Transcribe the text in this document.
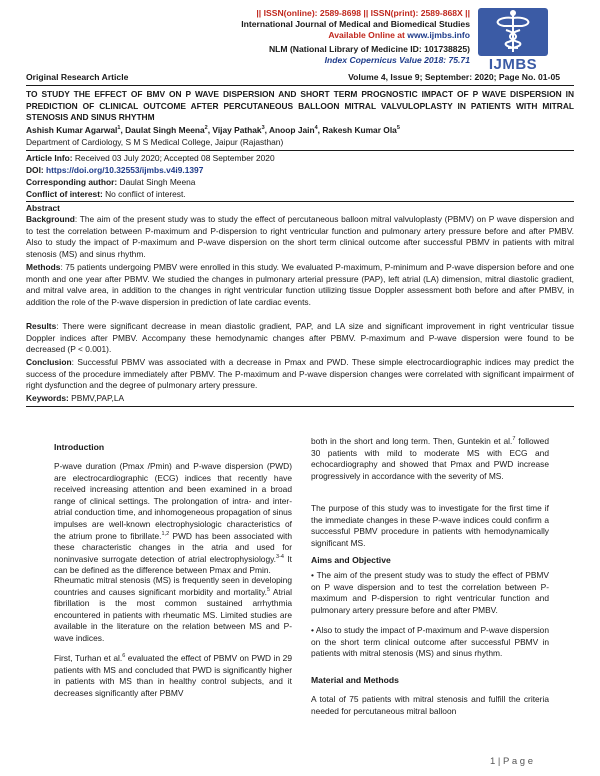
|| ISSN(online): 2589-8698 || ISSN(print): 2589-868X ||
International Journal of Medical and Biomedical Studies
Available Online at www.ijmbs.info
NLM (National Library of Medicine ID: 101738825)
Index Copernicus Value 2018: 75.71	IJMBS
Original Research Article	Volume 4, Issue 9; September: 2020; Page No. 01-05
TO STUDY THE EFFECT OF BMV ON P WAVE DISPERSION AND SHORT TERM PROGNOSTIC IMPACT OF P WAVE DISPERSION IN PREDICTION OF CLINICAL OUTCOME AFTER PERCUTANEOUS BALLOON MITRAL VALVULOPLASTY IN PATIENTS WITH MITRAL STENOSIS AND SINUS RHYTHM
Ashish Kumar Agarwal$^1$, Daulat Singh Meena$^2$, Vijay Pathak$^3$, Anoop Jain$^4$, Rakesh Kumar Ola$^5$
Department of Cardiology, S M S Medical College, Jaipur (Rajasthan)
Article Info: Received 03 July 2020; Accepted 08 September 2020
DOI: https://doi.org/10.32553/ijmbs.v4i9.1397
Corresponding author: Daulat Singh Meena
Conflict of interest: No conflict of interest.
Abstract
Background: The aim of the present study was to study the effect of percutaneous balloon mitral valvuloplasty (PBMV) on P wave dispersion and to test the correlation between P-maximum and P-dispersion to right ventricular function and pulmonary artery pressure before and after PMBV. Also to study the impact of P-maximum and P-wave dispersion on the short term clinical outcome after successful PBMV in patients with mitral stenosis (MS) and sinus rhythm.
Methods: 75 patients undergoing PMBV were enrolled in this study. We evaluated P-maximum, P-minimum and P-wave dispersion before and one month and one year after PBMV. We studied the changes in pulmonary arterial pressure (PAP), left atrial (LA) dimension, mitral diastolic gradient, and mitral valve area, in addition to the changes in right ventricular function utilizing tissue Doppler assessment both before and after PMBV, in addition the role of the P-wave dispersion in prediction of late cardiac events.
Results: There were significant decrease in mean diastolic gradient, PAP, and LA size and significant improvement in right ventricular tissue Doppler indices after PMBV. Accompany these hemodynamic changes after PBMV. P-maximum and P-wave dispersion were found to be decreased (P < 0.001).
Conclusion: Successful PBMV was associated with a decrease in Pmax and PWD. These simple electrocardiographic indices may predict the success of the procedure immediately after PBMV. The P-maximum and P-wave dispersion changes were correlated with significant impairment of right dysfunction and the degree of pulmonary artery pressure.
Keywords: PBMV,PAP,LA
Introduction
P-wave duration (Pmax /Pmin) and P-wave dispersion (PWD) are electrocardiographic (ECG) indices that recently have received increasing attention and been examined in a broad range of clinical settings. The prolongation of intra- and inter-atrial conduction time, and inhomogeneous propagation of sinus impulses are well-known electrophysiologic characteristics of the atrium prone to fibrillate.$^{1,2}$ PWD has been associated with these characteristic changes in the atria and used for noninvasive surrogate detection of atrial electrophysiology.$^{3-4}$ It can be defined as the difference between Pmax and Pmin.
Rheumatic mitral stenosis (MS) is frequently seen in developing countries and causes significant morbidity and mortality.$^5$ Atrial fibrillation is the most common sustained arrhythmia encountered in patients with rheumatic MS. Limited studies are available in the literature on the relation between MS and P-wave indices.
First, Turhan et al.$^6$ evaluated the effect of PBMV on PWD in 29 patients with MS and concluded that PWD is significantly higher in patients with MS than in healthy control subjects, and it decreases significantly after PBMV
both in the short and long term. Then, Guntekin et al.$^7$ followed 30 patients with mild to moderate MS with ECG and echocardiography and showed that Pmax and PWD increase progressively in accordance with the severity of MS.
The purpose of this study was to investigate for the first time if the immediate changes in these P-wave indices could confirm a successful PBMV procedure in patients with hemodynamically significant MS.
Aims and Objective
• The aim of the present study was to study the effect of PBMV on P wave dispersion and to test the correlation between P-maximum and P-dispersion to right ventricular function and pulmonary artery pressure before and after PMBV.
• Also to study the impact of P-maximum and P-wave dispersion on the short term clinical outcome after successful PBMV in patients with mitral stenosis (MS) and sinus rhythm.
Material and Methods
A total of 75 patients with mitral stenosis and fulfill the criteria needed for percutaneous mitral balloon
1 | P a g e
